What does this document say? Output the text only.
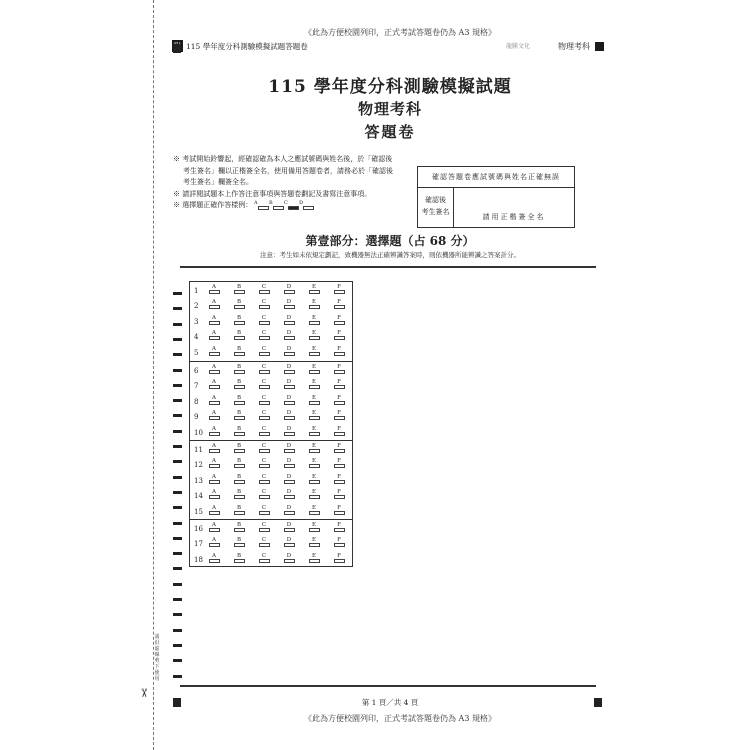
《此為方便校園列印，正式考試答題卷仍為 A3 規格》
115 學年度分科測驗模擬試題答題卷	龍騰文化	物理考科
115 學年度分科測驗模擬試題
物理考科
答題卷

※ 考試開始鈴響起，經確認確為本人之應試號碼與姓名後，於「確認後考生簽名」欄以正楷簽全名，使用備用答題卷者，請務必於「確認後考生簽名」欄簽全名。

※ 請詳閱試題本上作答注意事項與答題卷劃記及書寫注意事項。

※ 選擇題正確作答樣例： A	B	C	D

確認答題卷應試號碼與姓名正確無誤
確認後
考生簽名
請用正楷簽全名
第壹部分：選擇題（占 68 分）
注意：考生如未依規定劃記，致機器無法正確辨識答案時，則依機器所能辨識之答案計分。
1	A	B	C	D	E	F
2	A	B	C	D	E	F
3	A	B	C	D	E	F
4	A	B	C	D	E	F
5	A	B	C	D	E	F
6	A	B	C	D	E	F
7	A	B	C	D	E	F
8	A	B	C	D	E	F
9	A	B	C	D	E	F
10	A	B	C	D	E	F
11	A	B	C	D	E	F
12	A	B	C	D	E	F
13	A	B	C	D	E	F
14	A	B	C	D	E	F
15	A	B	C	D	E	F
16	A	B	C	D	E	F
17	A	B	C	D	E	F
18	A	B	C	D	E	F
請沿虛線剪下使用
✂
第 1 頁／共 4 頁
《此為方便校園列印，正式考試答題卷仍為 A3 規格》
